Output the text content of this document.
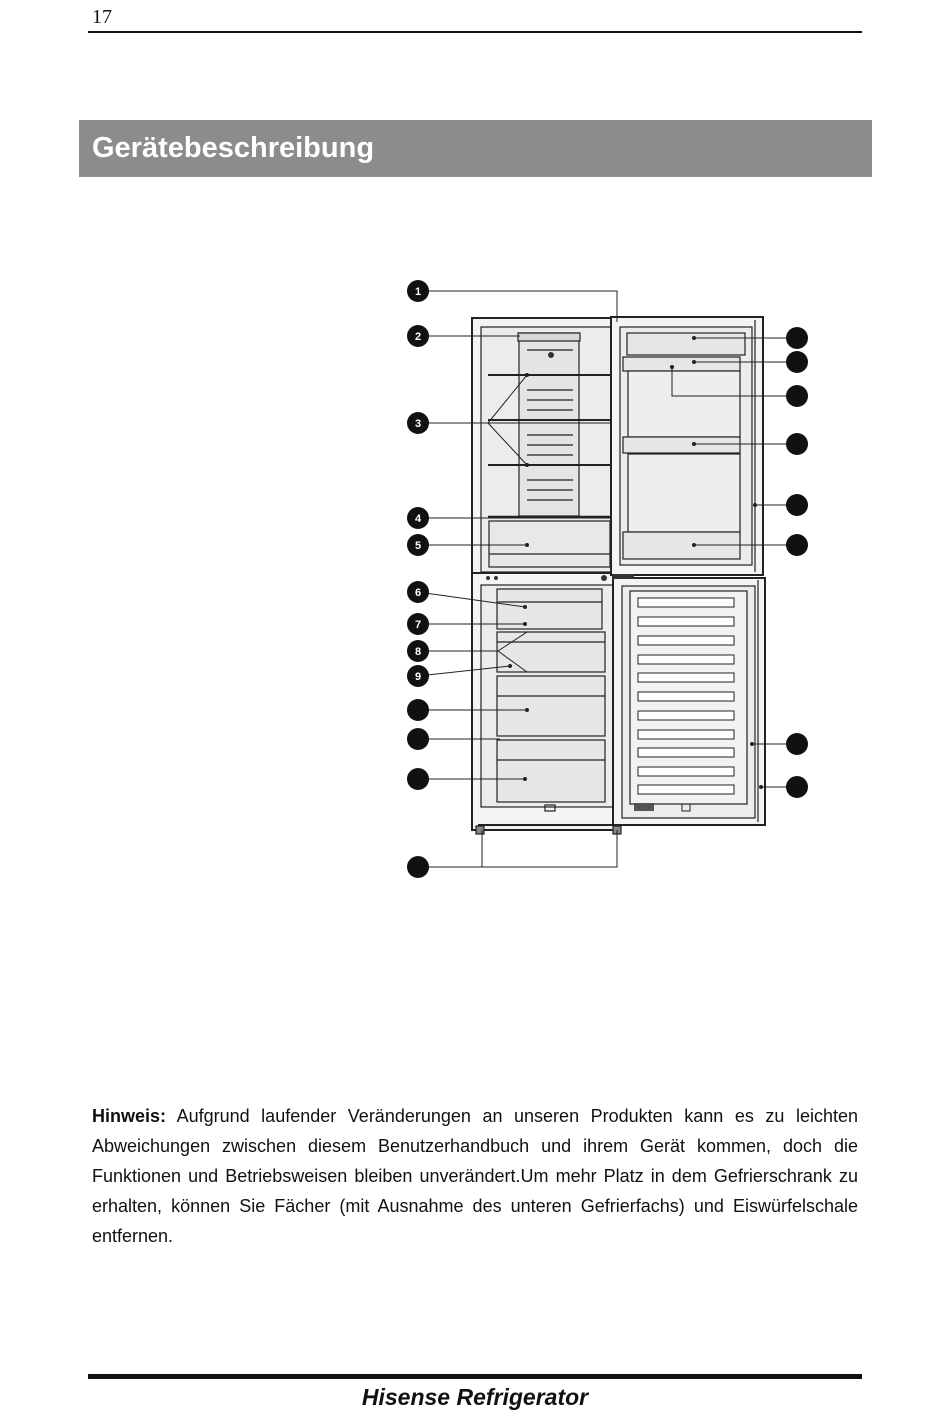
17
Gerätebeschreibung
1
2
3
4
5
6
7
8
9
Hinweis: Aufgrund laufender Veränderungen an unseren Produkten kann es zu leichten Abweichungen zwischen diesem Benutzerhandbuch und ihrem Gerät kommen, doch die Funktionen und Betriebsweisen bleiben unverändert.Um mehr Platz in dem Gefrierschrank zu erhalten, können Sie Fächer (mit Ausnahme des unteren Gefrierfachs) und Eiswürfelschale entfernen.
Hisense Refrigerator
